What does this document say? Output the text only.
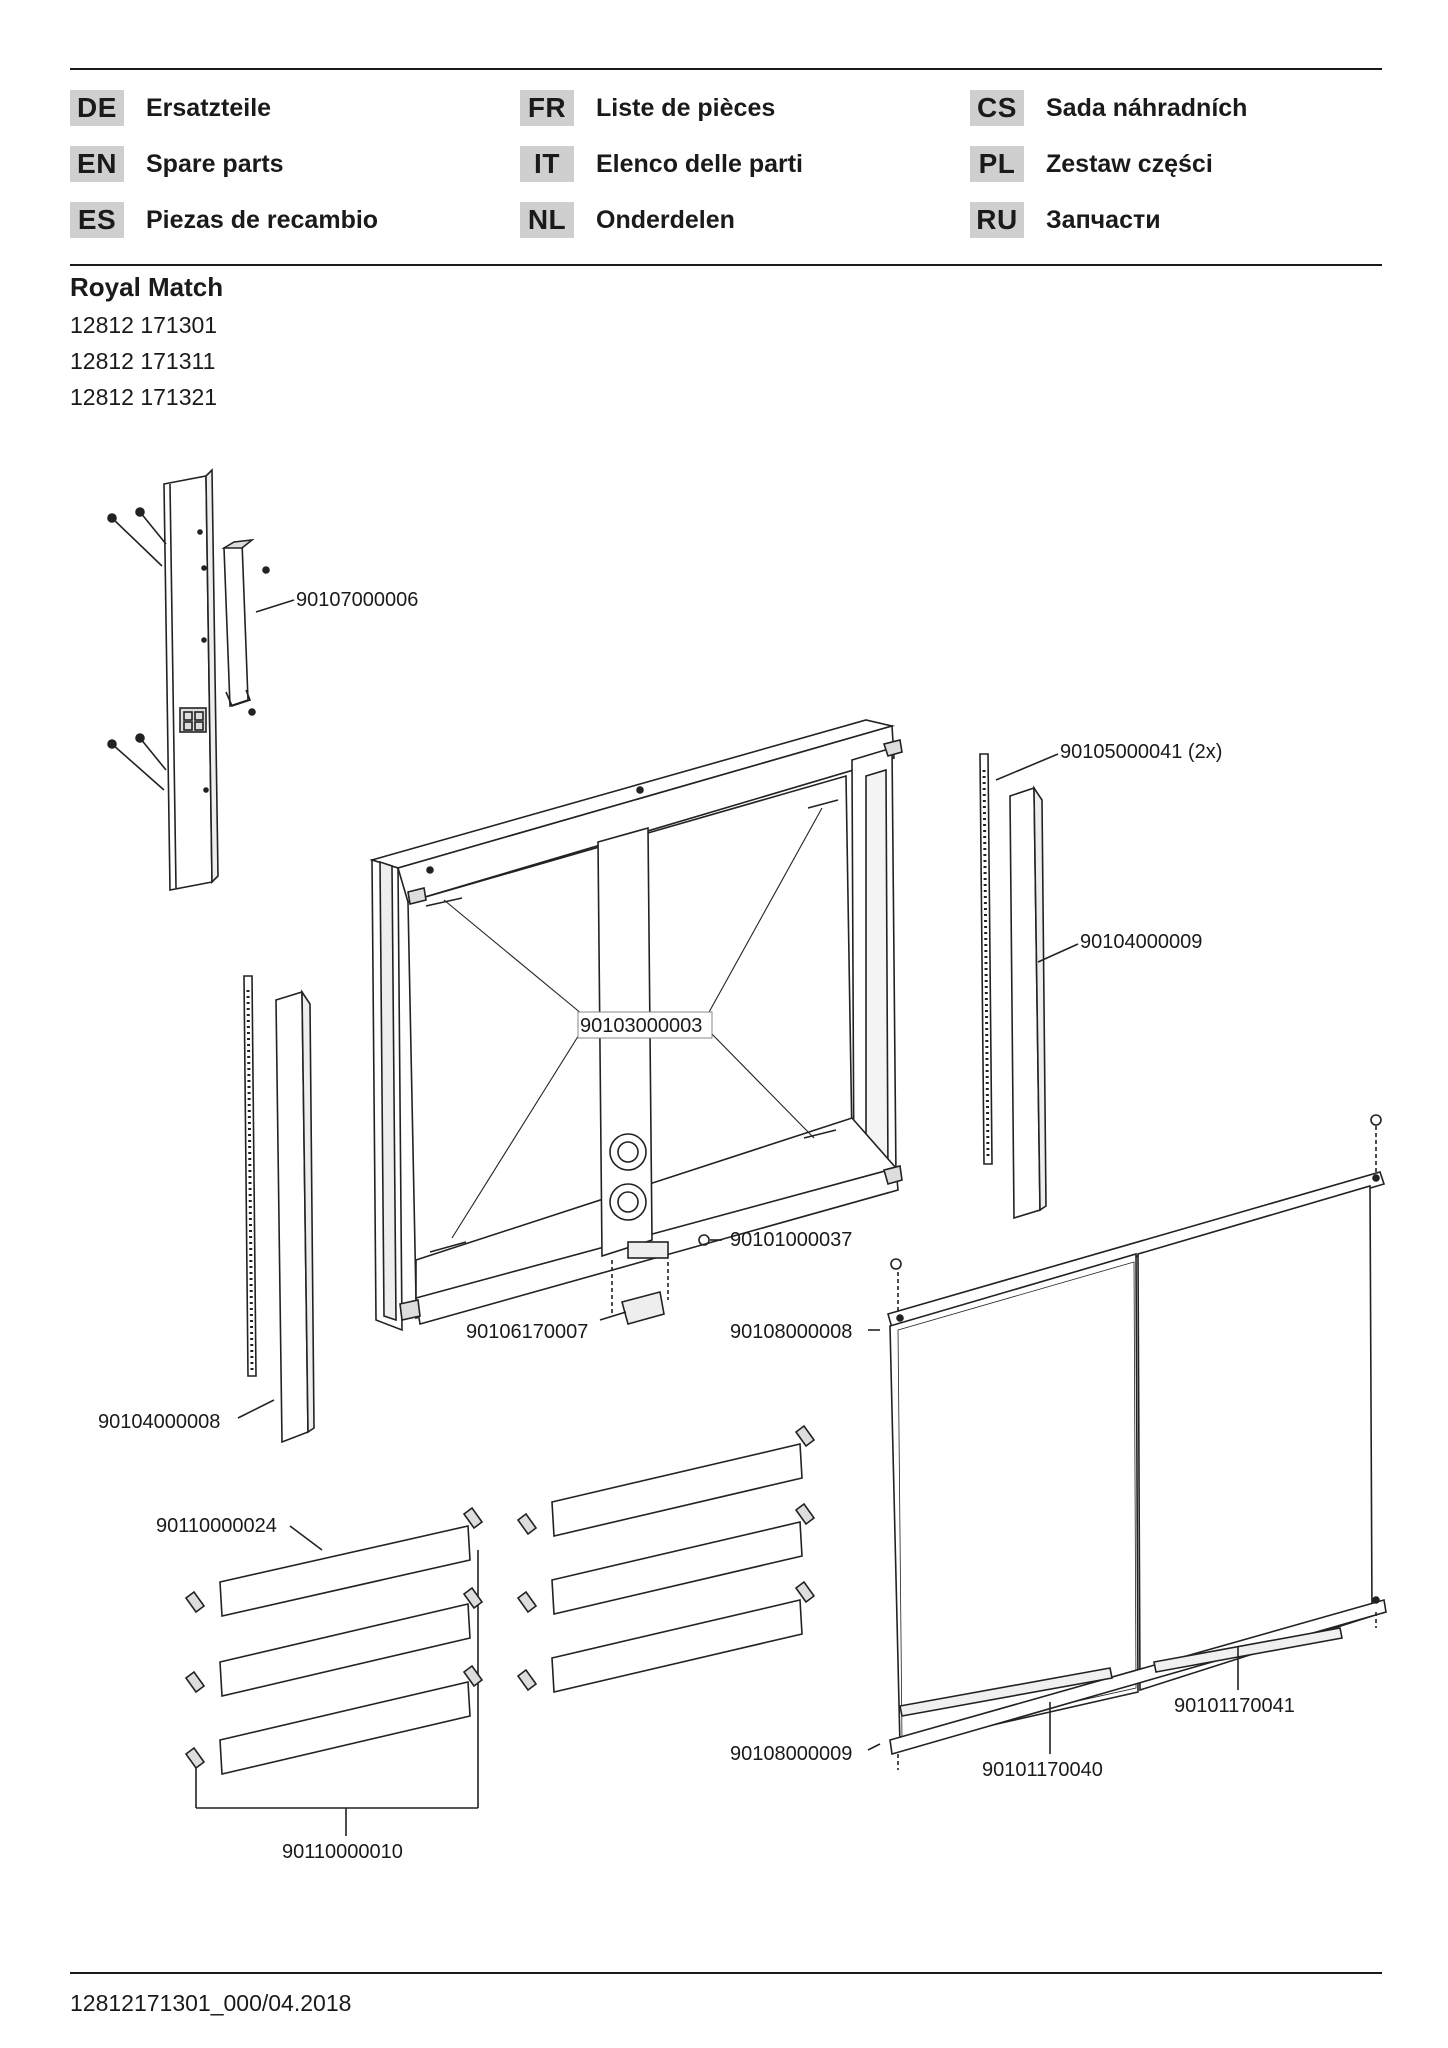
DE Ersatzteile
EN Spare parts
ES	Piezas de recambio
FR	Liste de pièces
IT	Elenco delle parti
NL	Onderdelen
CS Sada náhradních
PL	Zestaw części
RU Запчасти
Royal Match
12812 171301
12812 171311
12812 171321
90107000006
90105000041 (2x)
90104000009
90103000003
90101000037
90106170007	90108000008
90104000008
90110000024
90110000010
90108000009
90101170040
90101170041
12812171301_000/04.2018
